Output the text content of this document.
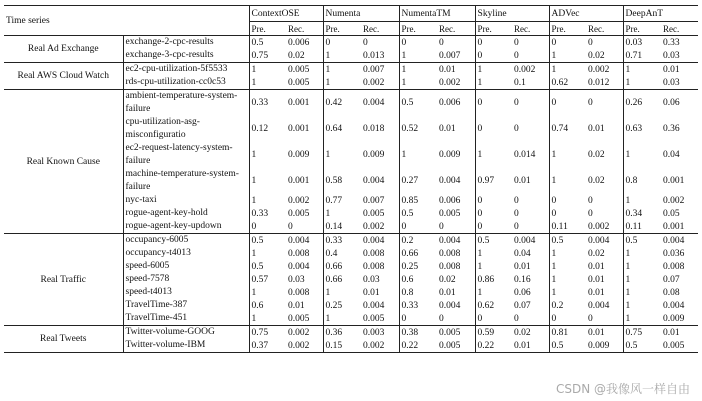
Time series		ContextOSE		Numenta		NumentaTM		Skyline		ADVec		DeepAnT	
		Pre.	Rec.	Pre.	Rec.	Pre.	Rec.	Pre.	Rec.	Pre.	Rec.	Pre.	Rec.
Real Ad Exchange	exchange-2-cpc-results	0.5	0.006	0	0	0	0	0	0	0	0	0.03	0.33
	exchange-3-cpc-results	0.75	0.02	1	0.013	1	0.007	0	0	1	0.02	0.71	0.03
Real AWS Cloud Watch	ec2-cpu-utilization-5f5533	1	0.005	1	0.007	1	0.01	1	0.002	1	0.002	1	0.01
	rds-cpu-utilization-cc0c53	1	0.005	1	0.002	1	0.002	1	0.1	0.62	0.012	1	0.03
Real Known Cause	ambient-temperature-system-failure	0.33	0.001	0.42	0.004	0.5	0.006	0	0	0	0	0.26	0.06
	cpu-utilization-asg-misconfiguratio	0.12	0.001	0.64	0.018	0.52	0.01	0	0	0.74	0.01	0.63	0.36
	ec2-request-latency-system-failure	1	0.009	1	0.009	1	0.009	1	0.014	1	0.02	1	0.04
	machine-temperature-system-failure	1	0.001	0.58	0.004	0.27	0.004	0.97	0.01	1	0.02	0.8	0.001
	nyc-taxi	1	0.002	0.77	0.007	0.85	0.006	0	0	0	0	1	0.002
	rogue-agent-key-hold	0.33	0.005	1	0.005	0.5	0.005	0	0	0	0	0.34	0.05
	rogue-agent-key-updown	0	0	0.14	0.002	0	0	0	0	0.11	0.002	0.11	0.001
Real Traffic	occupancy-6005	0.5	0.004	0.33	0.004	0.2	0.004	0.5	0.004	0.5	0.004	0.5	0.004
	occupancy-t4013	1	0.008	0.4	0.008	0.66	0.008	1	0.04	1	0.02	1	0.036
	speed-6005	0.5	0.004	0.66	0.008	0.25	0.008	1	0.01	1	0.01	1	0.008
	speed-7578	0.57	0.03	0.66	0.03	0.6	0.02	0.86	0.16	1	0.01	1	0.07
	speed-t4013	1	0.008	1	0.01	0.8	0.01	1	0.06	1	0.01	1	0.08
	TravelTime-387	0.6	0.01	0.25	0.004	0.33	0.004	0.62	0.07	0.2	0.004	1	0.004
	TravelTime-451	1	0.005	1	0.005	0	0	0	0	0	0	1	0.009
Real Tweets	Twitter-volume-GOOG	0.75	0.002	0.36	0.003	0.38	0.005	0.59	0.02	0.81	0.01	0.75	0.01
	Twitter-volume-IBM	0.37	0.002	0.15	0.002	0.22	0.005	0.22	0.01	0.5	0.009	0.5	0.005
CSDN @我像风一样自由
